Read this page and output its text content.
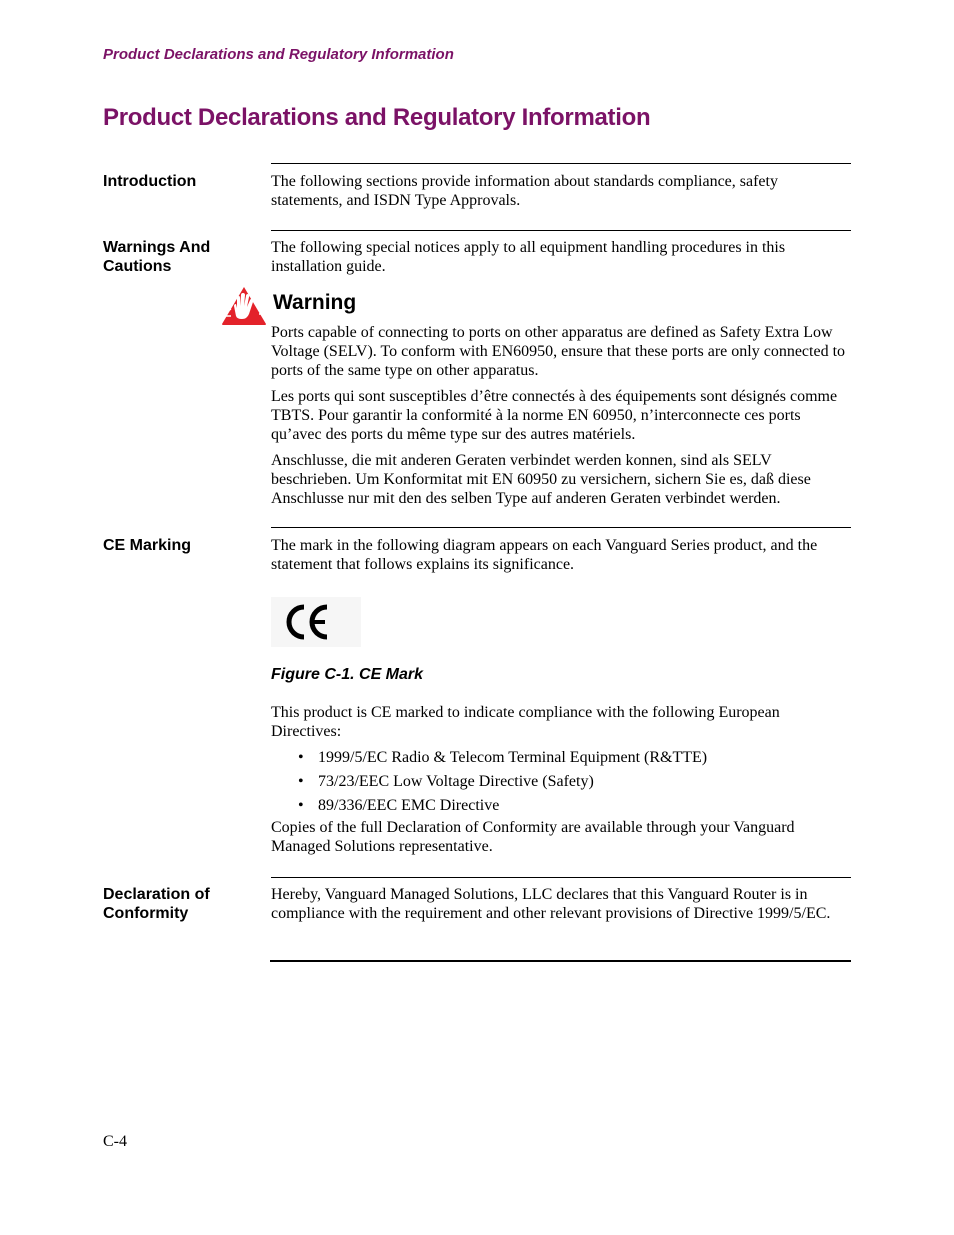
Product Declarations and Regulatory Information
Product Declarations and Regulatory Information
Introduction	The following sections provide information about standards compliance, safety statements, and ISDN Type Approvals.

Warnings And
Cautions

The following special notices apply to all equipment handling procedures in this installation guide.

Warning

Ports capable of connecting to ports on other apparatus are defined as Safety Extra Low Voltage (SELV). To conform with EN60950, ensure that these ports are only connected to ports of the same type on other apparatus.

Les ports qui sont susceptibles d’être connectés à des équipements sont désignés comme TBTS. Pour garantir la conformité à la norme EN 60950, n’interconnecte ces ports qu’avec des ports du même type sur des autres matériels.

Anschlusse, die mit anderen Geraten verbindet werden konnen, sind als SELV beschrieben. Um Konformitat mit EN 60950 zu versichern, sichern Sie es, daß diese Anschlusse nur mit den des selben Type auf anderen Geraten verbindet werden.

CE Marking	The mark in the following diagram appears on each Vanguard Series product, and the statement that follows explains its significance.

Figure C-1. CE Mark

This product is CE marked to indicate compliance with the following European Directives:

• 1999/5/EC Radio & Telecom Terminal Equipment (R&TTE)
• 73/23/EEC Low Voltage Directive (Safety)
• 89/336/EEC EMC Directive

Copies of the full Declaration of Conformity are available through your Vanguard Managed Solutions representative.

Declaration of
Conformity

Hereby, Vanguard Managed Solutions, LLC declares that this Vanguard Router is in compliance with the requirement and other relevant provisions of Directive 1999/5/EC.

C-4
